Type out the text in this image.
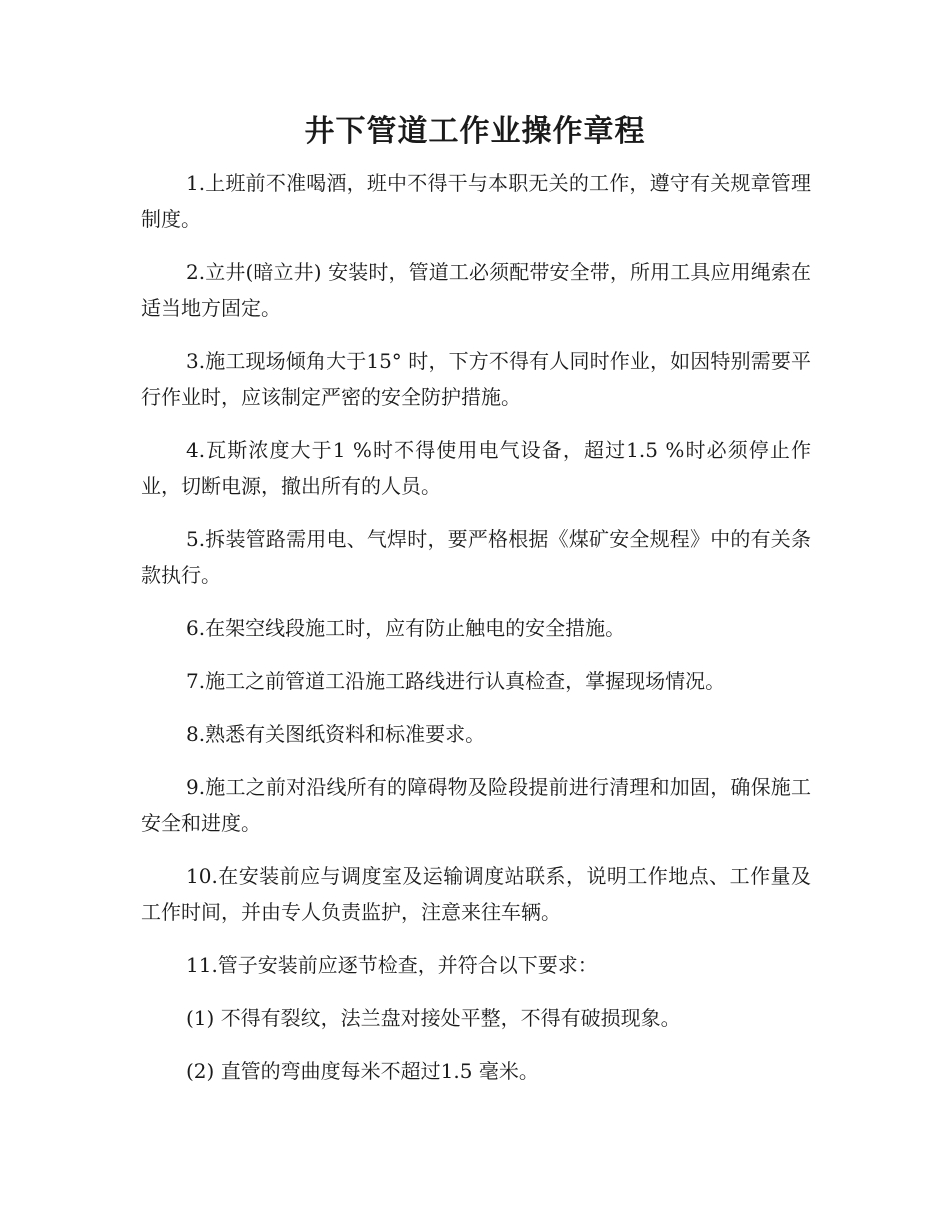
井下管道工作业操作章程

1.上班前不准喝酒，班中不得干与本职无关的工作，遵守有关规章管理制度。

2.立井(暗立井) 安装时，管道工必须配带安全带，所用工具应用绳索在适当地方固定。

3.施工现场倾角大于15° 时，下方不得有人同时作业，如因特别需要平行作业时，应该制定严密的安全防护措施。

4.瓦斯浓度大于1 %时不得使用电气设备，超过1.5 %时必须停止作业，切断电源，撤出所有的人员。

5.拆装管路需用电、气焊时，要严格根据《煤矿安全规程》中的有关条款执行。

6.在架空线段施工时，应有防止触电的安全措施。

7.施工之前管道工沿施工路线进行认真检查，掌握现场情况。

8.熟悉有关图纸资料和标准要求。

9.施工之前对沿线所有的障碍物及险段提前进行清理和加固，确保施工安全和进度。

10.在安装前应与调度室及运输调度站联系，说明工作地点、工作量及工作时间，并由专人负责监护，注意来往车辆。

11.管子安装前应逐节检查，并符合以下要求：

(1) 不得有裂纹，法兰盘对接处平整，不得有破损现象。

(2) 直管的弯曲度每米不超过1.5 毫米。
